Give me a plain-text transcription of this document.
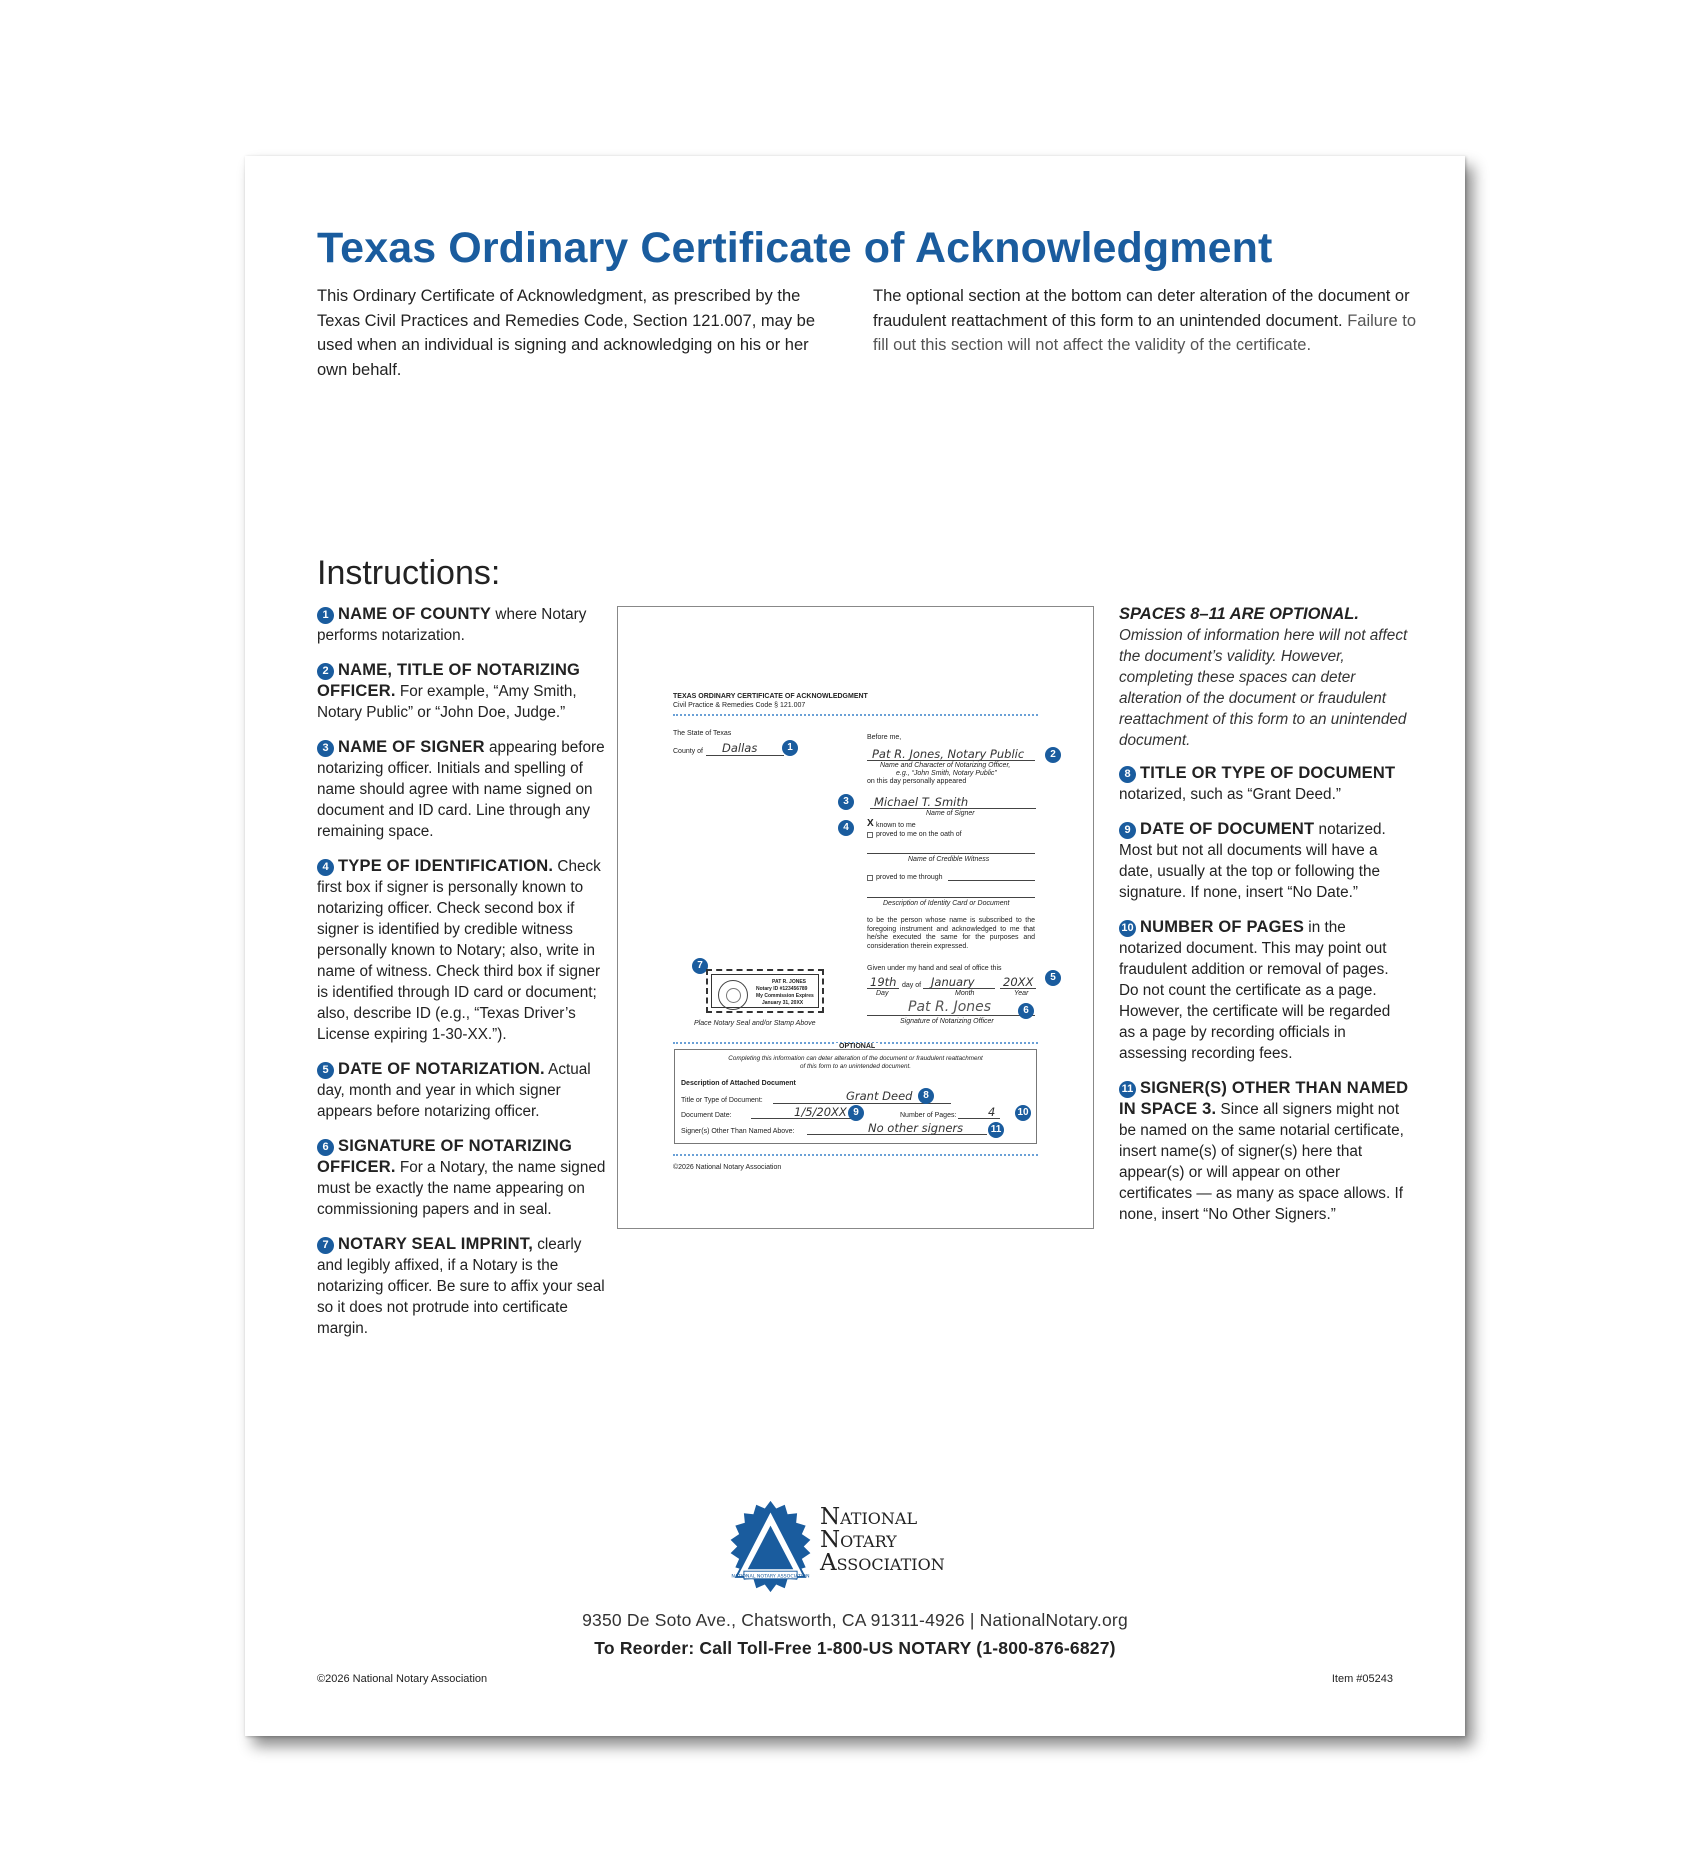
Texas Ordinary Certificate of Acknowledgment

This Ordinary Certificate of Acknowledgment, as prescribed by the Texas Civil Practices and Remedies Code, Section 121.007, may be used when an individual is signing and acknowledging on his or her own behalf.

The optional section at the bottom can deter alteration of the document or fraudulent reattachment of this form to an unintended document. Failure to fill out this section will not affect the validity of the certificate.

Instructions:
1 NAME OF COUNTY where Notary performs notarization.
2 NAME, TITLE OF NOTARIZING OFFICER. For example, “Amy Smith, Notary Public” or “John Doe, Judge.”
3 NAME OF SIGNER appearing before notarizing officer. Initials and spelling of name should agree with name signed on document and ID card. Line through any remaining space.
4 TYPE OF IDENTIFICATION. Check first box if signer is personally known to notarizing officer. Check second box if signer is identified by credible witness personally known to Notary; also, write in name of witness. Check third box if signer is identified through ID card or document; also, describe ID (e.g., “Texas Driver’s License expiring 1-30-XX.”).
5 DATE OF NOTARIZATION. Actual day, month and year in which signer appears before notarizing officer.
6 SIGNATURE OF NOTARIZING OFFICER. For a Notary, the name signed must be exactly the name appearing on commissioning papers and in seal.
7 NOTARY SEAL IMPRINT, clearly and legibly affixed, if a Notary is the notarizing officer. Be sure to affix your seal so it does not protrude into certificate margin.
TEXAS ORDINARY CERTIFICATE OF ACKNOWLEDGMENT
Civil Practice & Remedies Code § 121.007
The State of Texas
County of Dallas	1
Before me,
Pat R. Jones, Notary Public	2
Name and Character of Notarizing Officer,
e.g., “John Smith, Notary Public”
on this day personally appeared
3	Michael T. Smith
Name of Signer
4	X known to me
proved to me on the oath of
Name of Credible Witness
proved to me through
Description of Identity Card or Document
to be the person whose name is subscribed to the foregoing instrument and acknowledged to me that he/she executed the same for the purposes and consideration therein expressed.
Given under my hand and seal of office this
5
19th day of January 20XX
Day	Month	Year
Pat R. Jones	6
Signature of Notarizing Officer
7
PAT R. JONES
Notary ID #123456789
My Commission Expires
January 31, 20XX
Place Notary Seal and/or Stamp Above
OPTIONAL
Completing this information can deter alteration of the document or fraudulent reattachment of this form to an unintended document.
Description of Attached Document
Title or Type of Document:	Grant Deed	8
Document Date:	1/5/20XX 9	Number of Pages:	4 10
Signer(s) Other Than Named Above:	No other signers	11
©2026 National Notary Association
SPACES 8–11 ARE OPTIONAL.
Omission of information here will not affect the document’s validity. However, completing these spaces can deter alteration of the document or fraudulent reattachment of this form to an unintended document.
8 TITLE OR TYPE OF DOCUMENT notarized, such as “Grant Deed.”
9 DATE OF DOCUMENT notarized. Most but not all documents will have a date, usually at the top or following the signature. If none, insert “No Date.”
10 NUMBER OF PAGES in the notarized document. This may point out fraudulent addition or removal of pages. Do not count the certificate as a page. However, the certificate will be regarded as a page by recording officials in assessing recording fees.
11 SIGNER(S) OTHER THAN NAMED IN SPACE 3. Since all signers might not be named on the same notarial certificate, insert name(s) of signer(s) here that appear(s) or will appear on other certificates — as many as space allows. If none, insert “No Other Signers.”
NATIONAL NOTARY ASSOCIATION
National
Notary
Association
9350 De Soto Ave., Chatsworth, CA 91311-4926 | NationalNotary.org
To Reorder: Call Toll-Free 1-800-US NOTARY (1-800-876-6827)
©2026 National Notary Association	Item #05243
